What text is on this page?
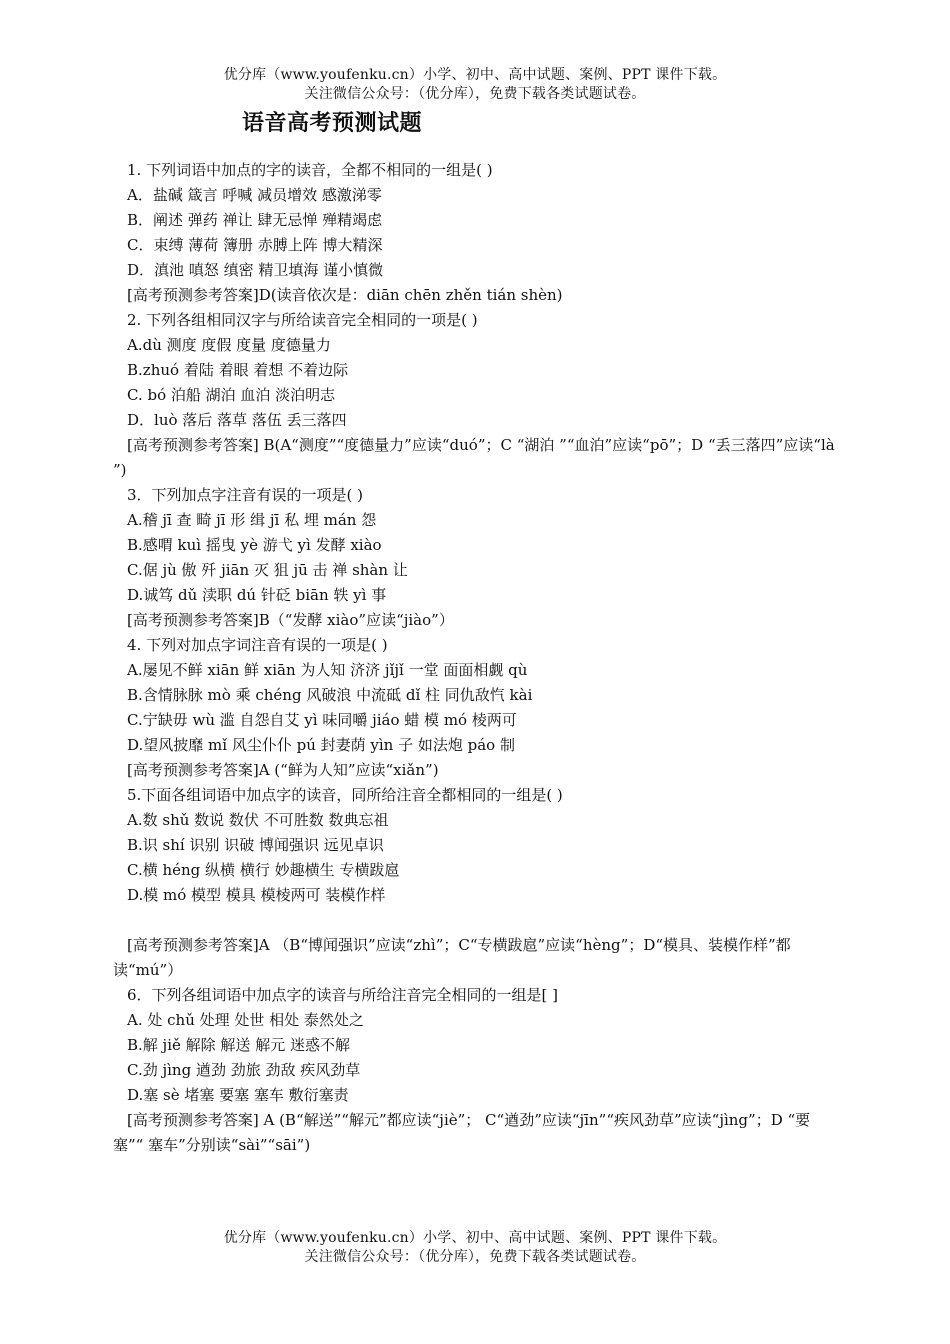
优分库（www.youfenku.cn）小学、初中、高中试题、案例、PPT 课件下载。
关注微信公众号：（优分库），免费下载各类试题试卷。
语音高考预测试题
1. 下列词语中加点的字的读音，全都不相同的一组是( )
A．盐碱 箴言 呼喊 减员增效 感激涕零
B．阐述 弹药 禅让 肆无忌惮 殚精竭虑
C．束缚 薄荷 簿册 赤膊上阵 博大精深
D．滇池 嗔怒 缜密 精卫填海 谨小慎微
[高考预测参考答案]D(读音依次是：diān chēn zhěn tián shèn)
2. 下列各组相同汉字与所给读音完全相同的一项是( )
A.dù 测度 度假 度量 度德量力
B.zhuó 着陆 着眼 着想 不着边际
C. bó 泊船 湖泊 血泊 淡泊明志
D．luò 落后 落草 落伍 丢三落四
[高考预测参考答案] B(A“测度”“度德量力”应读“duó”；C “湖泊 ”“血泊”应读“pō”；D “丢三落四”应读“là ”)
3．下列加点字注音有误的一项是( )
A.稽 jī 查 畸 jī 形 缉 jī 私 埋 mán 怨
B.感喟 kuì 摇曳 yè 游弋 yì 发酵 xiào
C.倨 jù 傲 歼 jiān 灭 狙 jū 击 禅 shàn 让
D.诚笃 dǔ 渎职 dú 针砭 biān 轶 yì 事
[高考预测参考答案]B（“发酵 xiào”应读“jiào”）
4. 下列对加点字词注音有误的一项是( )
A.屡见不鲜 xiān 鲜 xiān 为人知 济济 jǐjǐ 一堂 面面相觑 qù
B.含情脉脉 mò 乘 chéng 风破浪 中流砥 dǐ 柱 同仇敌忾 kài
C.宁缺毋 wù 滥 自怨自艾 yì 味同嚼 jiáo 蜡 模 mó 棱两可
D.望风披靡 mǐ 风尘仆仆 pú 封妻荫 yìn 子 如法炮 páo 制
[高考预测参考答案]A (“鲜为人知”应读“xiǎn”)
5.下面各组词语中加点字的读音，同所给注音全都相同的一组是( )
A.数 shǔ 数说 数伏 不可胜数 数典忘祖
B.识 shí 识别 识破 博闻强识 远见卓识
C.横 héng 纵横 横行 妙趣横生 专横跋扈
D.模 mó 模型 模具 模棱两可 装模作样
[高考预测参考答案]A （B“博闻强识”应读“zhì”；C“专横跋扈”应读“hèng”；D“模具、装模作样”都读“mú”）
6．下列各组词语中加点字的读音与所给注音完全相同的一组是[ ]
A. 处 chǔ 处理 处世 相处 泰然处之
B.解 jiě 解除 解送 解元 迷惑不解
C.劲 jìng 遒劲 劲旅 劲敌 疾风劲草
D.塞 sè 堵塞 要塞 塞车 敷衍塞责
[高考预测参考答案] A (B“解送”“解元”都应读“jiè”； C“遒劲”应读“jīn”“疾风劲草”应读“jìng”；D “要塞”“ 塞车”分别读“sài”“sāi”)
优分库（www.youfenku.cn）小学、初中、高中试题、案例、PPT 课件下载。
关注微信公众号：（优分库），免费下载各类试题试卷。
